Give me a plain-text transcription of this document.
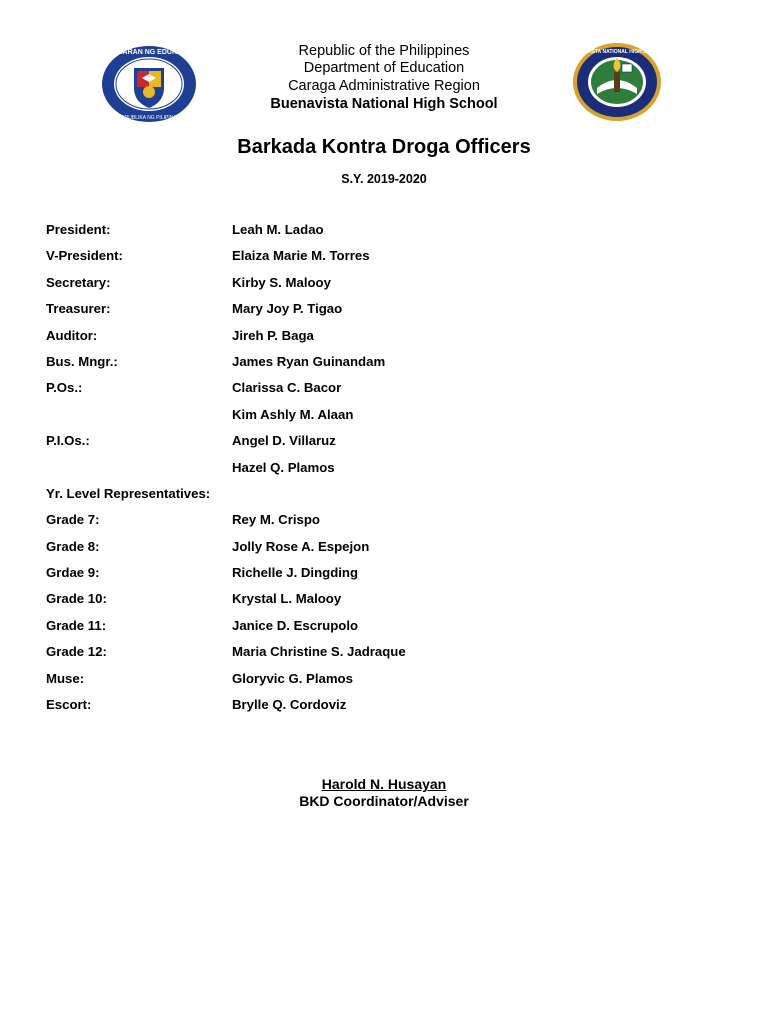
KAGAWARAN NG EDUKASYON
REPUBLIKA NG PILIPINAS
Republic of the Philippines
Department of Education
Caraga Administrative Region
Buenavista National High School
BUENAVISTA NATIONAL HIGH SCHOOL
Barkada Kontra Droga Officers
S.Y. 2019-2020
President:	Leah M. Ladao
V-President:	Elaiza Marie M. Torres
Secretary:	Kirby S. Malooy
Treasurer:	Mary Joy P. Tigao
Auditor:	Jireh P. Baga
Bus. Mngr.:	James Ryan Guinandam
P.Os.:	Clarissa C. Bacor
Kim Ashly M. Alaan
P.I.Os.:	Angel D. Villaruz
Hazel Q. Plamos
Yr. Level Representatives:
Grade 7:	Rey M. Crispo
Grade 8:	Jolly Rose A. Espejon
Grdae 9:	Richelle J. Dingding
Grade 10:	Krystal L. Malooy
Grade 11:	Janice D. Escrupolo
Grade 12:	Maria Christine S. Jadraque
Muse:	Gloryvic G. Plamos
Escort:	Brylle Q. Cordoviz
Harold N. Husayan
BKD Coordinator/Adviser
